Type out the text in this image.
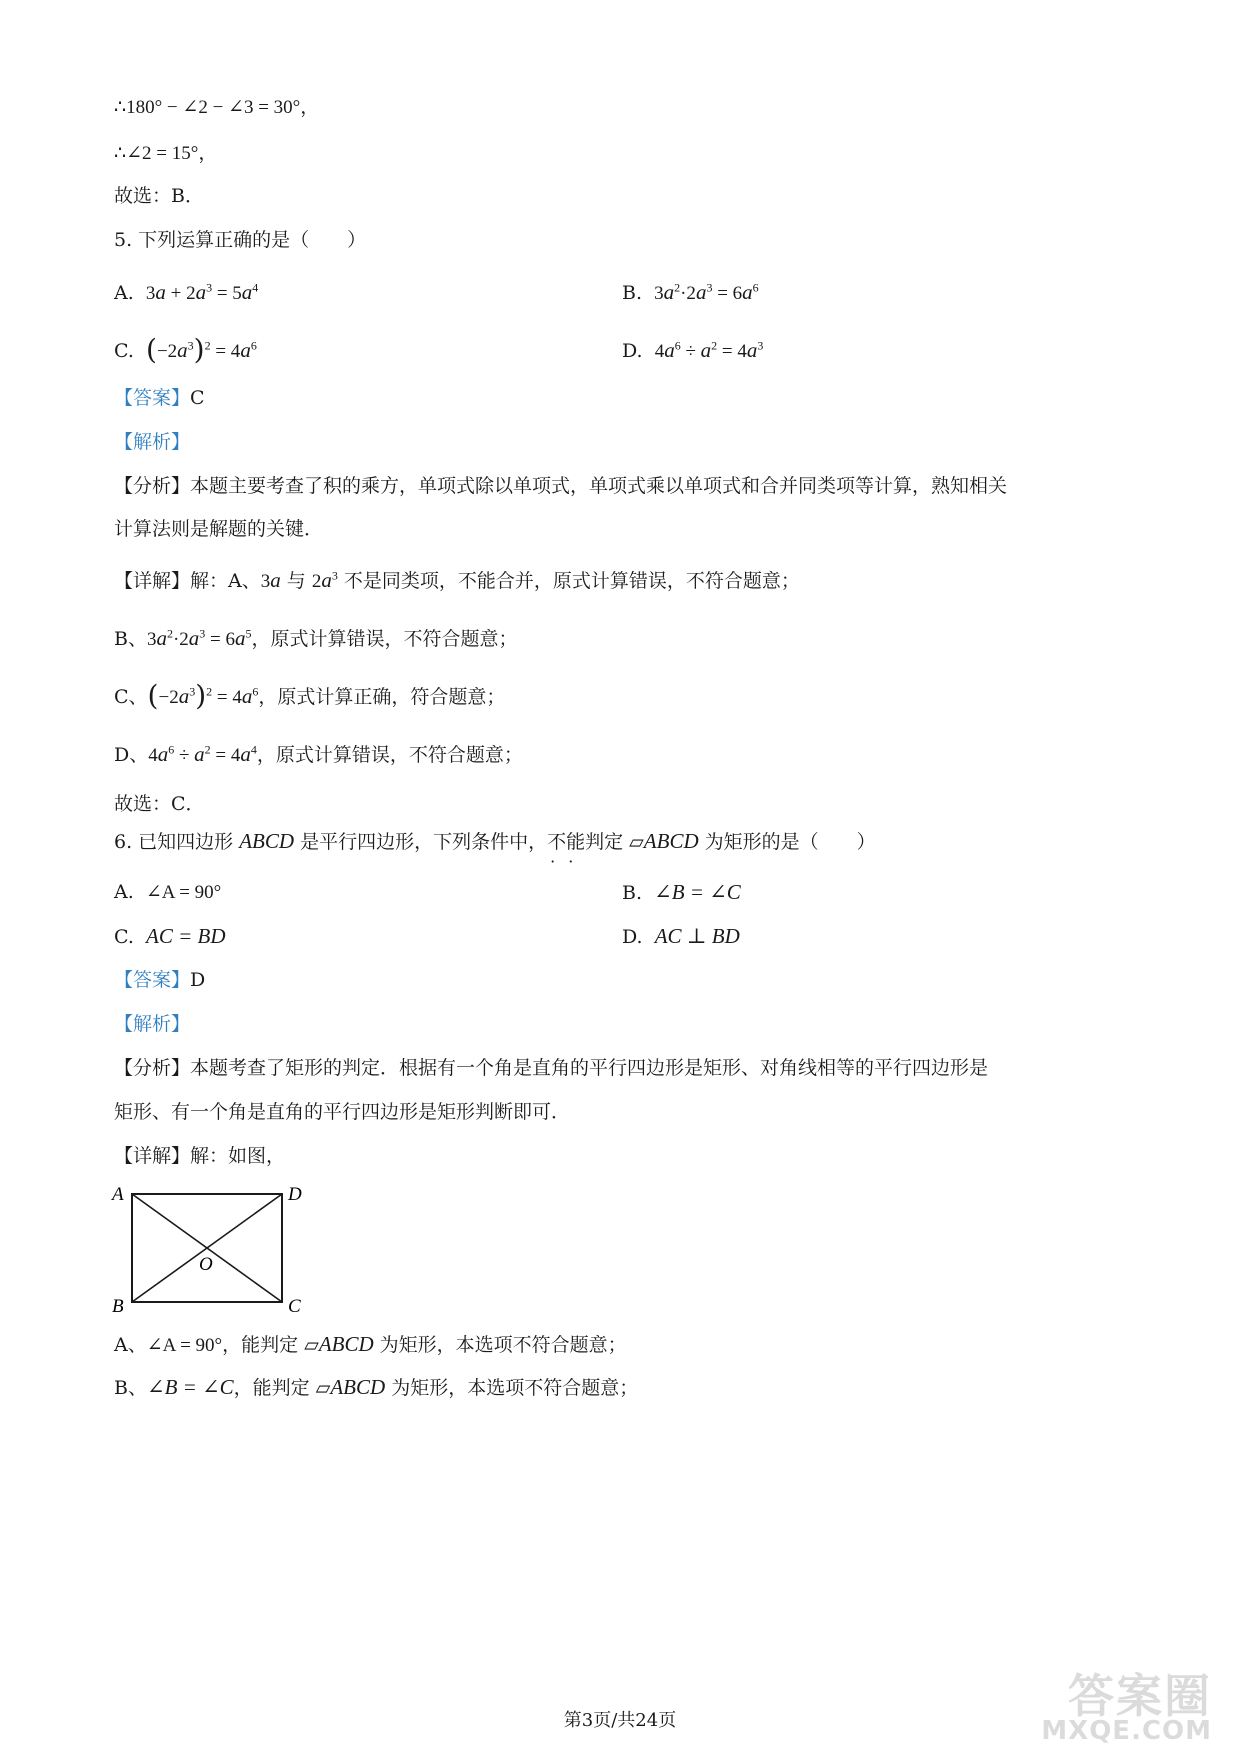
∴180° − ∠2 − ∠3 = 30°，
∴∠2 = 15°，
故选：B．
5. 下列运算正确的是（　　）
A. $3a + 2a^3 = 5a^4$	B. $3a^2\cdot 2a^3 = 6a^6$
C. $(-2a^3)^2 = 4a^6$	D. $4a^6 \div a^2 = 4a^3$
【答案】C
【解析】
【分析】本题主要考查了积的乘方，单项式除以单项式，单项式乘以单项式和合并同类项等计算，熟知相关
计算法则是解题的关键．
【详解】解：A、3a 与 $2a^3$ 不是同类项，不能合并，原式计算错误，不符合题意；
B、$3a^2\cdot 2a^3 = 6a^5$，原式计算错误，不符合题意；
C、$(-2a^3)^2 = 4a^6$，原式计算正确，符合题意；
D、$4a^6 \div a^2 = 4a^4$，原式计算错误，不符合题意；
故选：C．
6. 已知四边形 ABCD 是平行四边形，下列条件中，不能 · ·判定 ▱ABCD 为矩形的是（　　）
A. ∠A = 90°	B. ∠B = ∠C
C. AC = BD	D. AC ⊥ BD
【答案】D
【解析】
【分析】本题考查了矩形的判定．根据有一个角是直角的平行四边形是矩形、对角线相等的平行四边形是
矩形、有一个角是直角的平行四边形是矩形判断即可．
【详解】解：如图，
A	D
B	C
O
A、∠A = 90°，能判定 ▱ABCD 为矩形，本选项不符合题意；
B、∠B = ∠C，能判定 ▱ABCD 为矩形，本选项不符合题意；
第3页/共24页	答案圈
MXQE.COM
